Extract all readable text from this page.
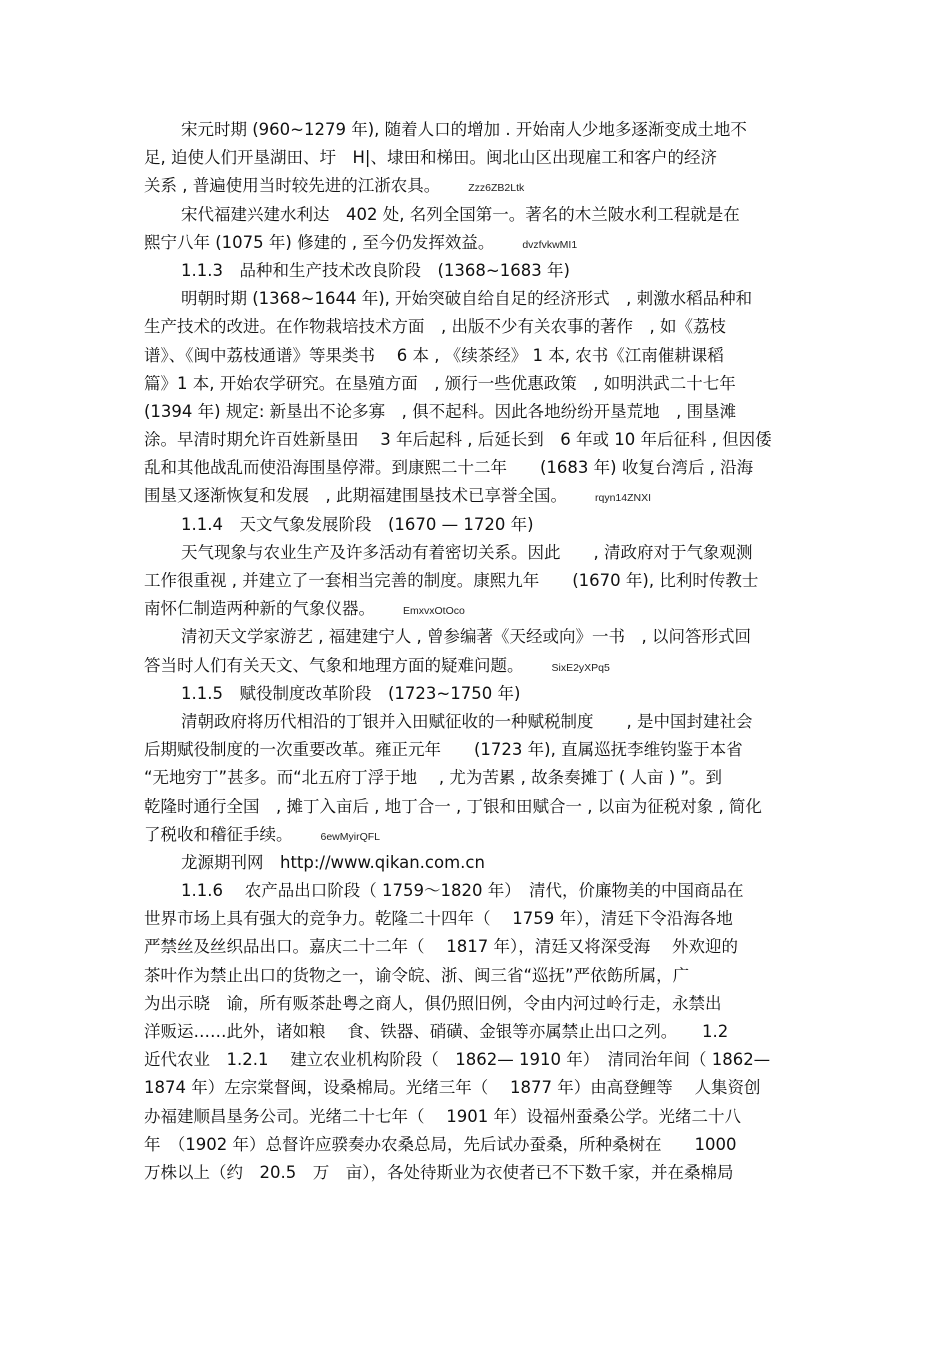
宋元时期 (960~1279 年), 随着人口的增加 . 开始南人少地多逐渐变成土地不
足, 迫使人们开垦湖田、圩　H|、埭田和梯田。闽北山区出现雇工和客户的经济
关系 , 普遍使用当时较先进的江浙农具。	Zzz6ZB2Ltk
宋代福建兴建水利达　402 处, 名列全国第一。著名的木兰陂水利工程就是在
熙宁八年 (1075 年) 修建的 , 至今仍发挥效益。	dvzfvkwMI1
1.1.3　品种和生产技术改良阶段　(1368~1683 年)
明朝时期 (1368~1644 年), 开始突破自给自足的经济形式　, 刺激水稻品种和
生产技术的改进。在作物栽培技术方面　, 出版不少有关农事的著作　, 如《荔枝
谱》、《闽中荔枝通谱》等果类书　 6 本 , 《续茶经》 1 本, 农书《江南催耕课稻
篇》1 本, 开始农学研究。在垦殖方面　, 颁行一些优惠政策　, 如明洪武二十七年
(1394 年) 规定: 新垦出不论多寡　, 俱不起科。因此各地纷纷开垦荒地　, 围垦滩
涂。早清时期允许百姓新垦田　 3 年后起科 , 后延长到　6 年或 10 年后征科 , 但因倭
乱和其他战乱而使沿海围垦停滞。到康熙二十二年　　(1683 年) 收复台湾后 , 沿海
围垦又逐渐恢复和发展　, 此期福建围垦技术已享誉全国。	rqyn14ZNXI
1.1.4　天文气象发展阶段　(1670 — 1720 年)
天气现象与农业生产及许多活动有着密切关系。因此　　, 清政府对于气象观测
工作很重视 , 并建立了一套相当完善的制度。康熙九年　　(1670 年), 比利时传教士
南怀仁制造两种新的气象仪器。	EmxvxOtOco
清初天文学家游艺 , 福建建宁人 , 曾参编著《天经或向》一书　, 以问答形式回
答当时人们有关天文、气象和地理方面的疑难问题。	SixE2yXPq5
1.1.5　赋役制度改革阶段　(1723~1750 年)
清朝政府将历代相沿的丁银并入田赋征收的一种赋税制度　　, 是中国封建社会
后期赋役制度的一次重要改革。雍正元年　　(1723 年), 直属巡抚李维钧鉴于本省
“无地穷丁”甚多。而“北五府丁浮于地　 , 尤为苦累 , 故条奏摊丁 ( 人亩 ) ”。到
乾隆时通行全国　, 摊丁入亩后 , 地丁合一 , 丁银和田赋合一 , 以亩为征税对象 , 简化
了税收和稽征手续。	6ewMyirQFL
龙源期刊网　http://www.qikan.com.cn
1.1.6　 农产品出口阶段（ 1759～1820 年）　清代，价廉物美的中国商品在
世界市场上具有强大的竞争力。乾隆二十四年（　 1759 年），清廷下令沿海各地
严禁丝及丝织品出口。嘉庆二十二年（　 1817 年），清廷又将深受海　 外欢迎的
茶叶作为禁止出口的货物之一，谕令皖、浙、闽三省“巡抚”严依飭所属，广
为出示晓　谕，所有贩茶赴粤之商人，俱仍照旧例，令由内河过岭行走，永禁出
洋贩运……此外，诸如粮　 食、铁器、硝磺、金银等亦属禁止出口之列。　　1.2
近代农业　1.2.1　 建立农业机构阶段（　1862— 1910 年）　清同治年间（ 1862—
1874 年）左宗棠督闽，设桑棉局。光绪三年（　 1877 年）由高登鲤等　 人集资创
办福建顺昌垦务公司。光绪二十七年（　 1901 年）设福州蚕桑公学。光绪二十八
年　（1902 年）总督许应骙奏办农桑总局，先后试办蚕桑，所种桑树在　　1000
万株以上（约　20.5　万　亩），各处待斯业为衣使者已不下数千家，并在桑棉局
